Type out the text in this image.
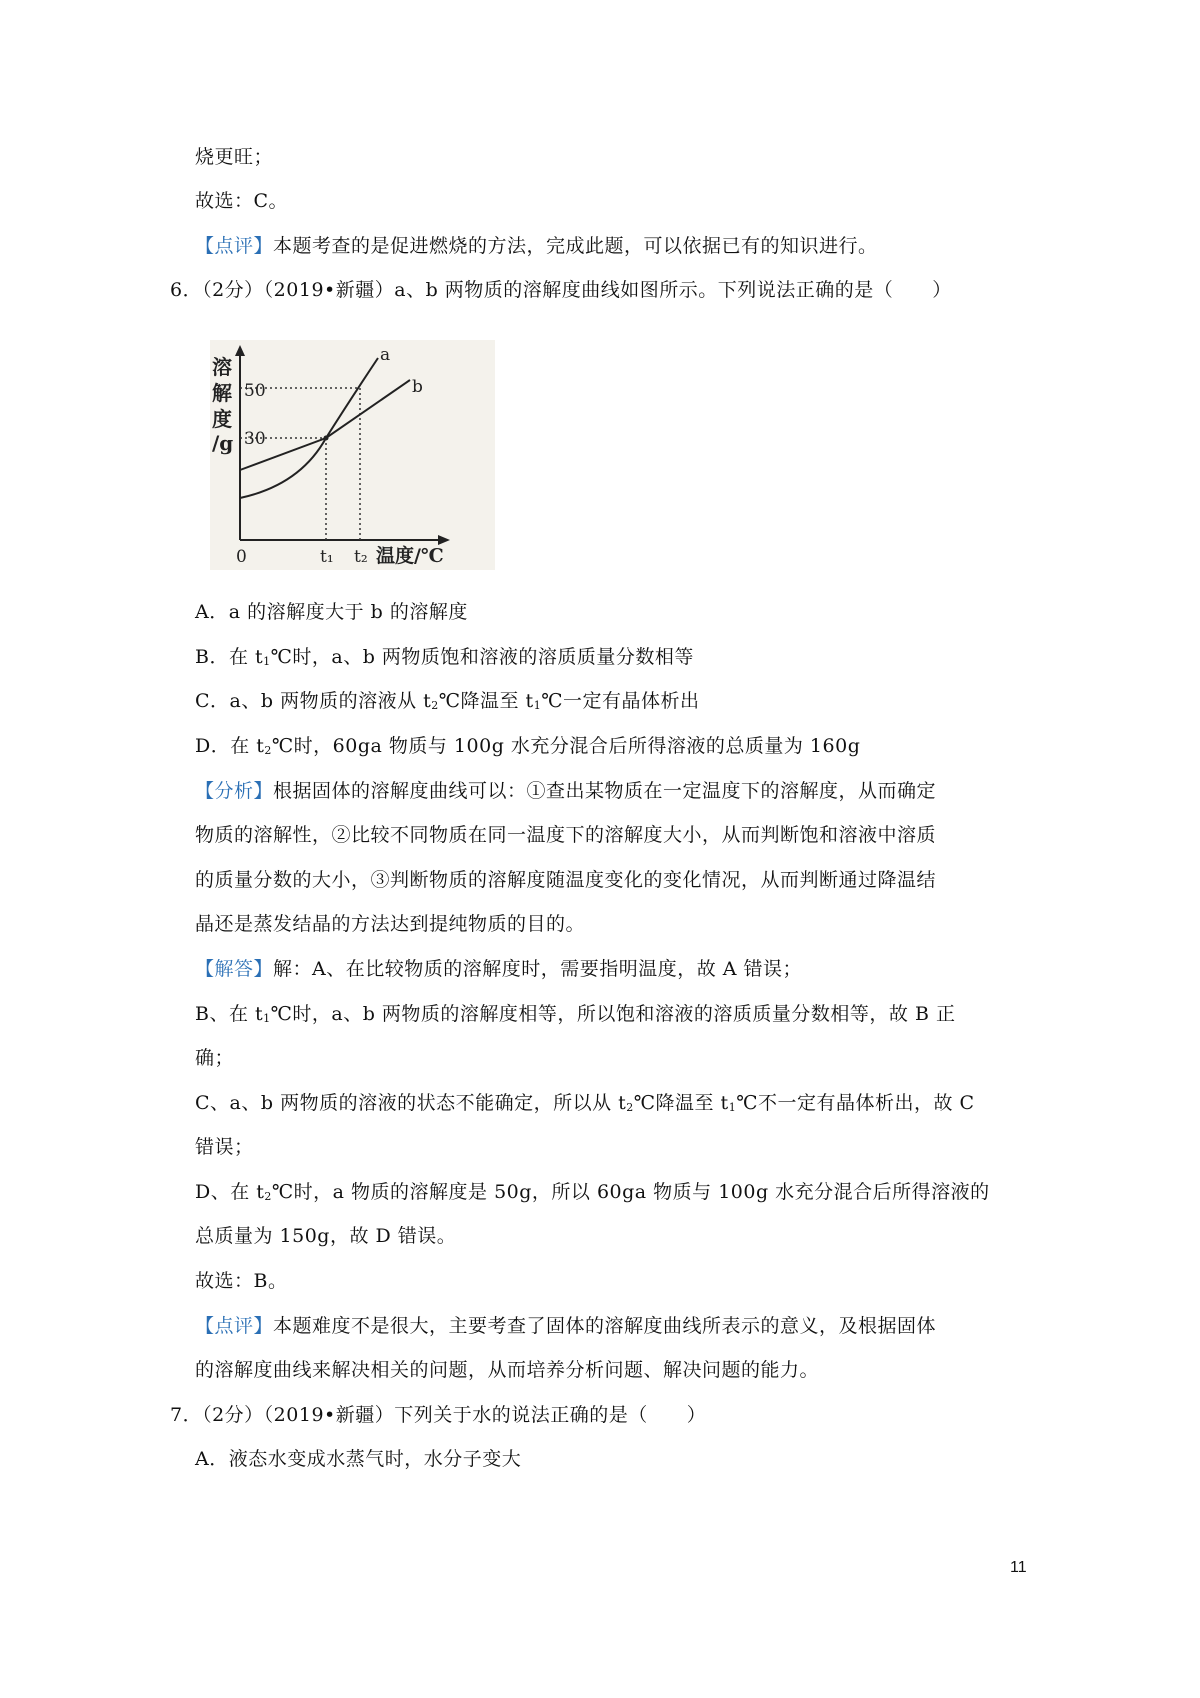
烧更旺；
故选：C。
【点评】本题考查的是促进燃烧的方法，完成此题，可以依据已有的知识进行。
6．（2分）（2019•新疆）a、b 两物质的溶解度曲线如图所示。下列说法正确的是（　　）
溶
解
度
/g
50
30
0	t₁ t₂ 温度/℃
a
b
A．a 的溶解度大于 b 的溶解度
B．在 $t_1℃$时，a、b 两物质饱和溶液的溶质质量分数相等
C．a、b 两物质的溶液从 $t_2℃$降温至 $t_1℃$一定有晶体析出
D．在 $t_2℃$时，60ga 物质与 100g 水充分混合后所得溶液的总质量为 160g
【分析】根据固体的溶解度曲线可以：①查出某物质在一定温度下的溶解度，从而确定
物质的溶解性，②比较不同物质在同一温度下的溶解度大小，从而判断饱和溶液中溶质
的质量分数的大小，③判断物质的溶解度随温度变化的变化情况，从而判断通过降温结
晶还是蒸发结晶的方法达到提纯物质的目的。
【解答】解：A、在比较物质的溶解度时，需要指明温度，故 A 错误；
B、在 $t_1℃$时，a、b 两物质的溶解度相等，所以饱和溶液的溶质质量分数相等，故 B 正
确；
C、a、b 两物质的溶液的状态不能确定，所以从 $t_2℃$降温至 $t_1℃$不一定有晶体析出，故 C
错误；
D、在 $t_2℃$时，a 物质的溶解度是 50g，所以 60ga 物质与 100g 水充分混合后所得溶液的
总质量为 150g，故 D 错误。
故选：B。
【点评】本题难度不是很大，主要考查了固体的溶解度曲线所表示的意义，及根据固体
的溶解度曲线来解决相关的问题，从而培养分析问题、解决问题的能力。
7．（2分）（2019•新疆）下列关于水的说法正确的是（　　）
A．液态水变成水蒸气时，水分子变大
11
